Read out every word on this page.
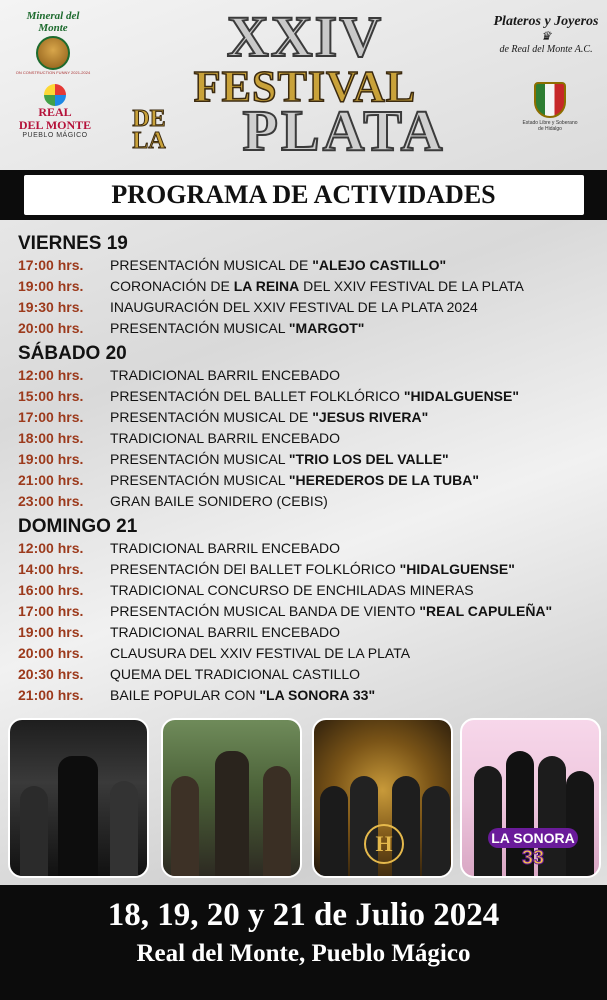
Mineral del Monte
ON CONSTRUCTION FUNNY 2021-2024
REAL
DEL MONTE
PUEBLO MÁGICO
XXIV
FESTIVAL
DE
LA	PLATA
Plateros y Joyeros
♛
de Real del Monte A.C.
Estado Libre y Soberano de Hidalgo
PROGRAMA DE ACTIVIDADES
VIERNES 19
17:00 hrs.	PRESENTACIÓN MUSICAL DE "ALEJO CASTILLO"
19:00 hrs.	CORONACIÓN DE LA REINA DEL XXIV FESTIVAL DE LA PLATA
19:30 hrs.	INAUGURACIÓN DEL XXIV FESTIVAL DE LA PLATA 2024
20:00 hrs.	PRESENTACIÓN MUSICAL "MARGOT"
SÁBADO 20
12:00 hrs.	TRADICIONAL BARRIL ENCEBADO
15:00 hrs.	PRESENTACIÓN DEL BALLET FOLKLÓRICO "HIDALGUENSE"
17:00 hrs.	PRESENTACIÓN MUSICAL DE "JESUS RIVERA"
18:00 hrs.	TRADICIONAL BARRIL ENCEBADO
19:00 hrs.	PRESENTACIÓN MUSICAL "TRIO LOS DEL VALLE"
21:00 hrs.	PRESENTACIÓN MUSICAL "HEREDEROS DE LA TUBA"
23:00 hrs.	GRAN BAILE SONIDERO (CEBIS)
DOMINGO 21
12:00 hrs.	TRADICIONAL BARRIL ENCEBADO
14:00 hrs.	PRESENTACIÓN DEl BALLET FOLKLÓRICO "HIDALGUENSE"
16:00 hrs.	TRADICIONAL CONCURSO DE ENCHILADAS MINERAS
17:00 hrs.	PRESENTACIÓN MUSICAL BANDA DE VIENTO "REAL CAPULEÑA"
19:00 hrs.	TRADICIONAL BARRIL ENCEBADO
20:00 hrs.	CLAUSURA DEL XXIV FESTIVAL DE LA PLATA
20:30 hrs.	QUEMA DEL TRADICIONAL CASTILLO
21:00 hrs.	BAILE POPULAR CON "LA SONORA 33"
H	LA SONORA
33
18, 19, 20 y 21 de Julio 2024
Real del Monte, Pueblo Mágico
